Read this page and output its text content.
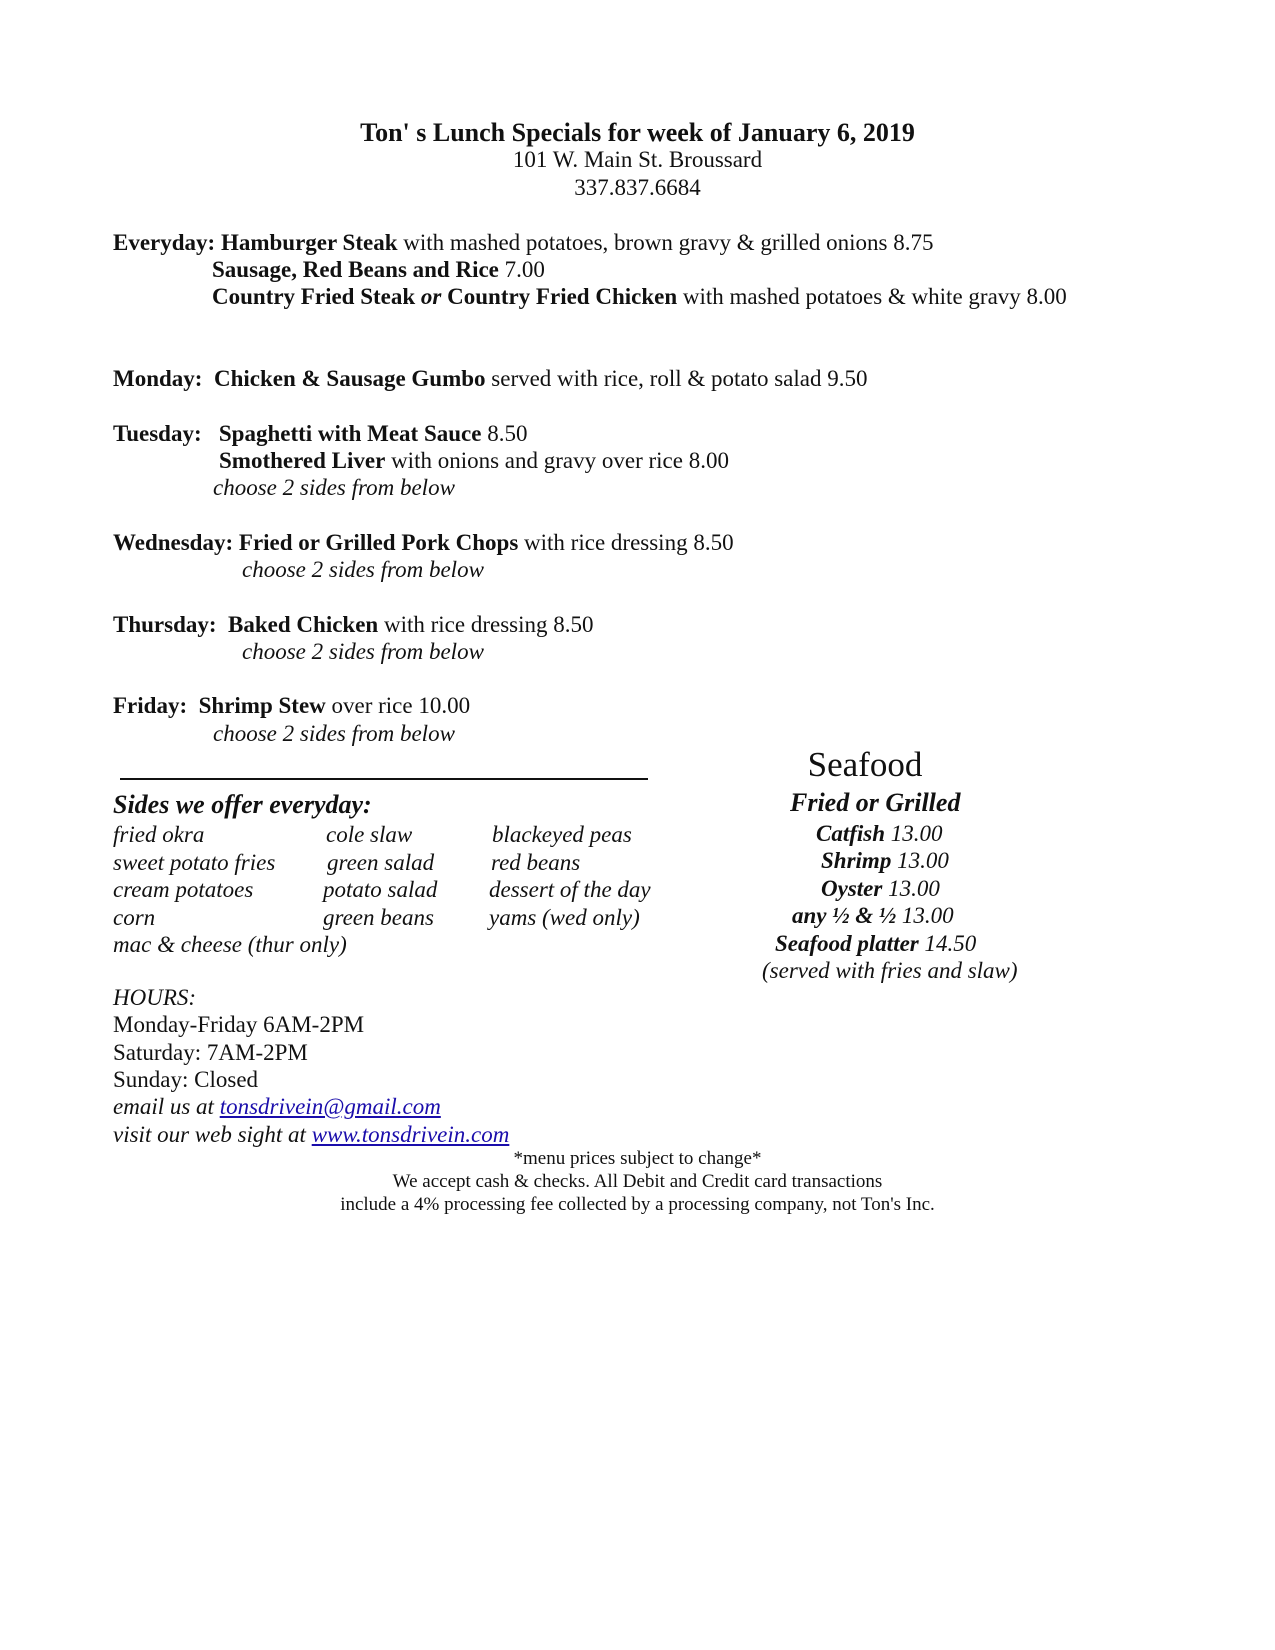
Ton' s Lunch Specials for week of January 6, 2019
101 W. Main St. Broussard
337.837.6684
Everyday: Hamburger Steak with mashed potatoes, brown gravy & grilled onions 8.75
Sausage, Red Beans and Rice 7.00
Country Fried Steak or Country Fried Chicken with mashed potatoes & white gravy 8.00
Monday: Chicken & Sausage Gumbo served with rice, roll & potato salad 9.50
Tuesday: Spaghetti with Meat Sauce 8.50
Smothered Liver with onions and gravy over rice 8.00
choose 2 sides from below
Wednesday: Fried or Grilled Pork Chops with rice dressing 8.50
choose 2 sides from below
Thursday: Baked Chicken with rice dressing 8.50
choose 2 sides from below
Friday: Shrimp Stew over rice 10.00
choose 2 sides from below
Sides we offer everyday:
fried okra
sweet potato fries
cream potatoes
corn
mac & cheese (thur only)
cole slaw
green salad
potato salad
green beans
blackeyed peas
red beans
dessert of the day
yams (wed only)
Seafood
Fried or Grilled
Catfish 13.00
Shrimp 13.00
Oyster 13.00
any ½ & ½ 13.00
Seafood platter 14.50
(served with fries and slaw)
HOURS:
Monday-Friday 6AM-2PM
Saturday: 7AM-2PM
Sunday: Closed
email us at tonsdrivein@gmail.com
visit our web sight at www.tonsdrivein.com
*menu prices subject to change*
We accept cash & checks. All Debit and Credit card transactions
include a 4% processing fee collected by a processing company, not Ton's Inc.
